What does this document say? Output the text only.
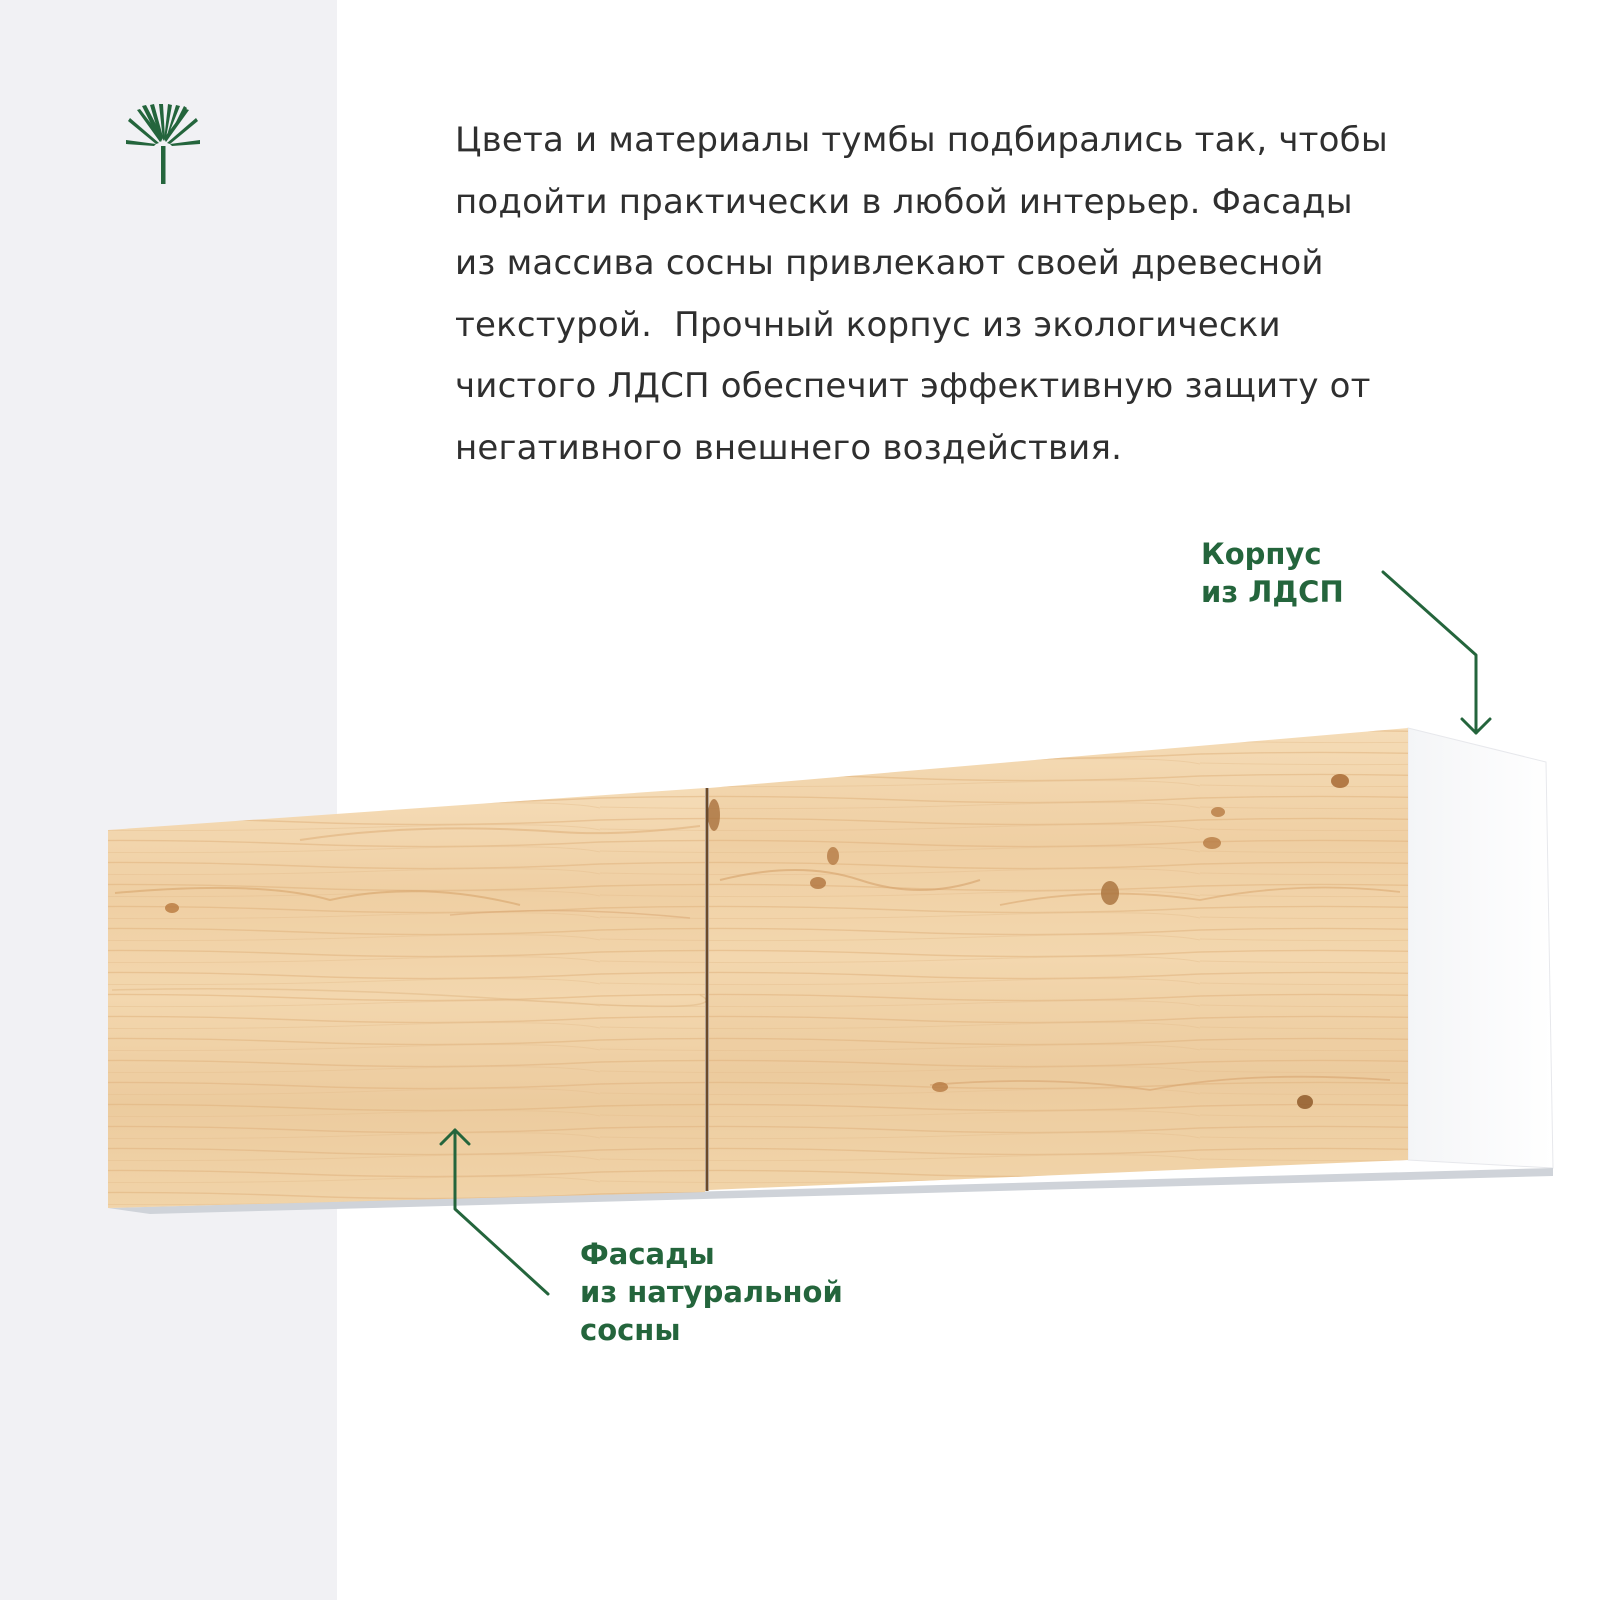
Цвета и материалы тумбы подбирались так, чтобы
подойти практически в любой интерьер. Фасады
из массива сосны привлекают своей древесной
текстурой.  Прочный корпус из экологически
чистого ЛДСП обеспечит эффективную защиту от
негативного внешнего воздействия.
Корпус
из ЛДСП
Фасады
из натуральной
сосны
